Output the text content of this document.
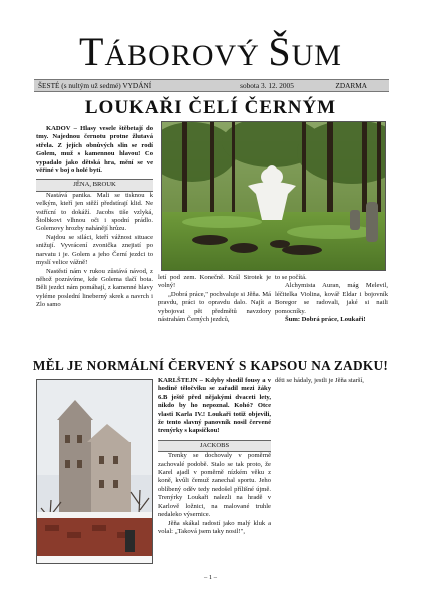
TÁBOROVÝ ŠUM
ŠESTÉ (s nultým už sedmé) VYDÁNÍ	sobota 3. 12. 2005	ZDARMA
LOUKAŘI ČELÍ ČERNÝM

KADOV – Hlasy vesele štěbetají do tmy. Najednou černotu protne žlutavá střela. Z jejích obnůvých slin se rodí Golem, muž s kamennou hlavou! Co vypadalo jako dětská hra, mění se ve věřiné v boj o holé bytí.

JĚNA, BROUK

Nastává panika. Mali se tisknou k velkým, kteří jen stěží předstírají klid. Ne vstřícní to dokáží. Jacobs tiše vzlyká, Štolbkovi vlhnou oči i spodní prádlo. Golemovy hrozby nahánějí hrůzu.

Najdou se siláci, kteří vážnost situace snižují. Vyvrácení zvonička znejistí po narvatu i je. Golem a jeho Černí jezdci to myslí velice vážně!

Nastěstí nám v rukou zůstává návod, z něhož pozrávíme, kde Golema tlačí bota. Běli jezdci nám pomáhají, z kamenné hlavy vyléme poslední lineberný skrek a navrch i Zlo samo

letí pod zem. Konečně. Král Sirotek je volný!

„Dobrá práce," pochvaluje si Jěňa. Má pravdu, práci to opravdu dalo. Najít a vybojovat pět předmětů navzdory nástrahám Černých jezdců,

to se počítá.

Alchymista Auran, mág Melevil, léčitelka Violina, kovář Eldar i bojovník Boregor se radovali, jaké si naili pomocníky.

Šum: Dobrá práce, Loukaři!

MĚL JE NORMÁLNÍ ČERVENÝ S KAPSOU NA ZADKU!

KARLŠTEJN – Kdyby shodil fousy a v hodině těločviku se zařadil mezi žáky 6.B ještě před nějakými dvaceti lety, nikdo by ho nepoznal. Kohó? Otce vlasti Karla IV.! Loukaři totiž objevili, že tento slavný panovník nosil červené trenýrky s kapsičkou!

JACKOBS

Trenky se dochovaly v poměrně zachovalé podobě. Stalo se tak proto, že Karel ajadl v poměrně nízkém věku z koně, kvůli čemuž zanechal sportu. Jeho oblíbený oděv tedy nedošel přílišné újmě. Trenýrky Loukaři nalezli na hradě v Karlově ložnici, na malované truhle nedaleko výsernice.

Jěňa skákal radostí jako malý kluk a volal: „Taková jsem taky nosil!",

děti se hádaly, jestli je Jěňa starší,

– 1 –
